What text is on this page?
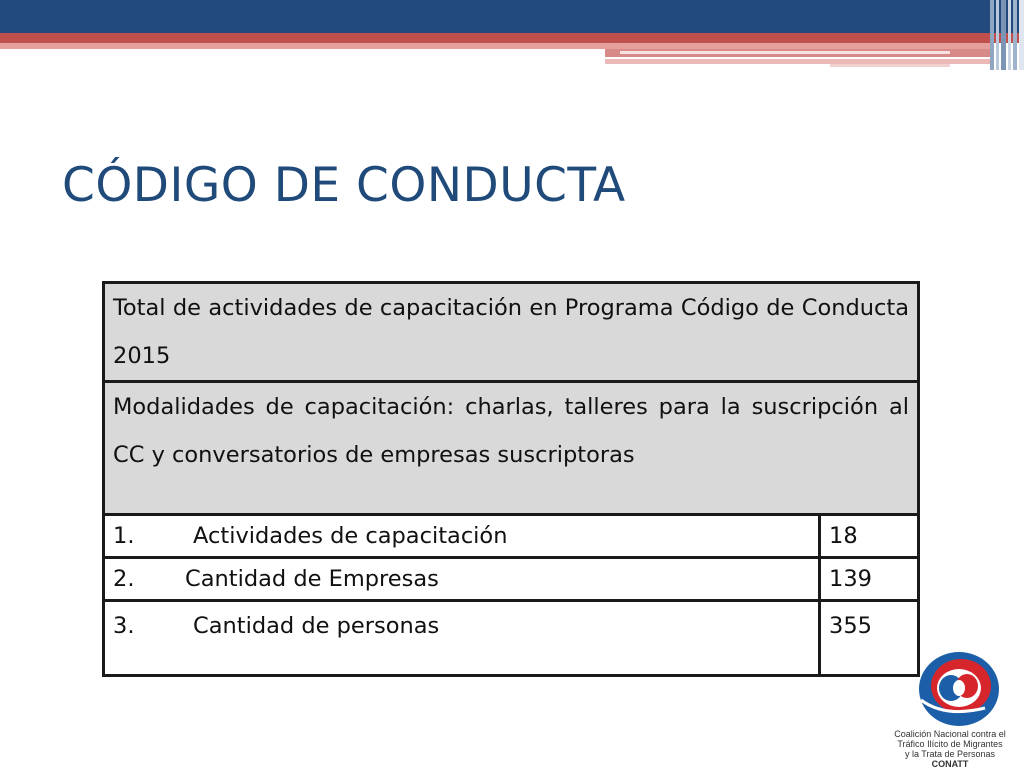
CÓDIGO DE CONDUCTA
Total de actividades de capacitación en Programa Código de Conducta 2015	
Modalidades de capacitación: charlas, talleres para la suscripción al CC y conversatorios de empresas suscriptoras	
1. Actividades de capacitación	18
2. Cantidad de Empresas	139
3. Cantidad de personas	355
Coalición Nacional contra el
Tráfico Ilícito de Migrantes
y la Trata de Personas
CONATT
